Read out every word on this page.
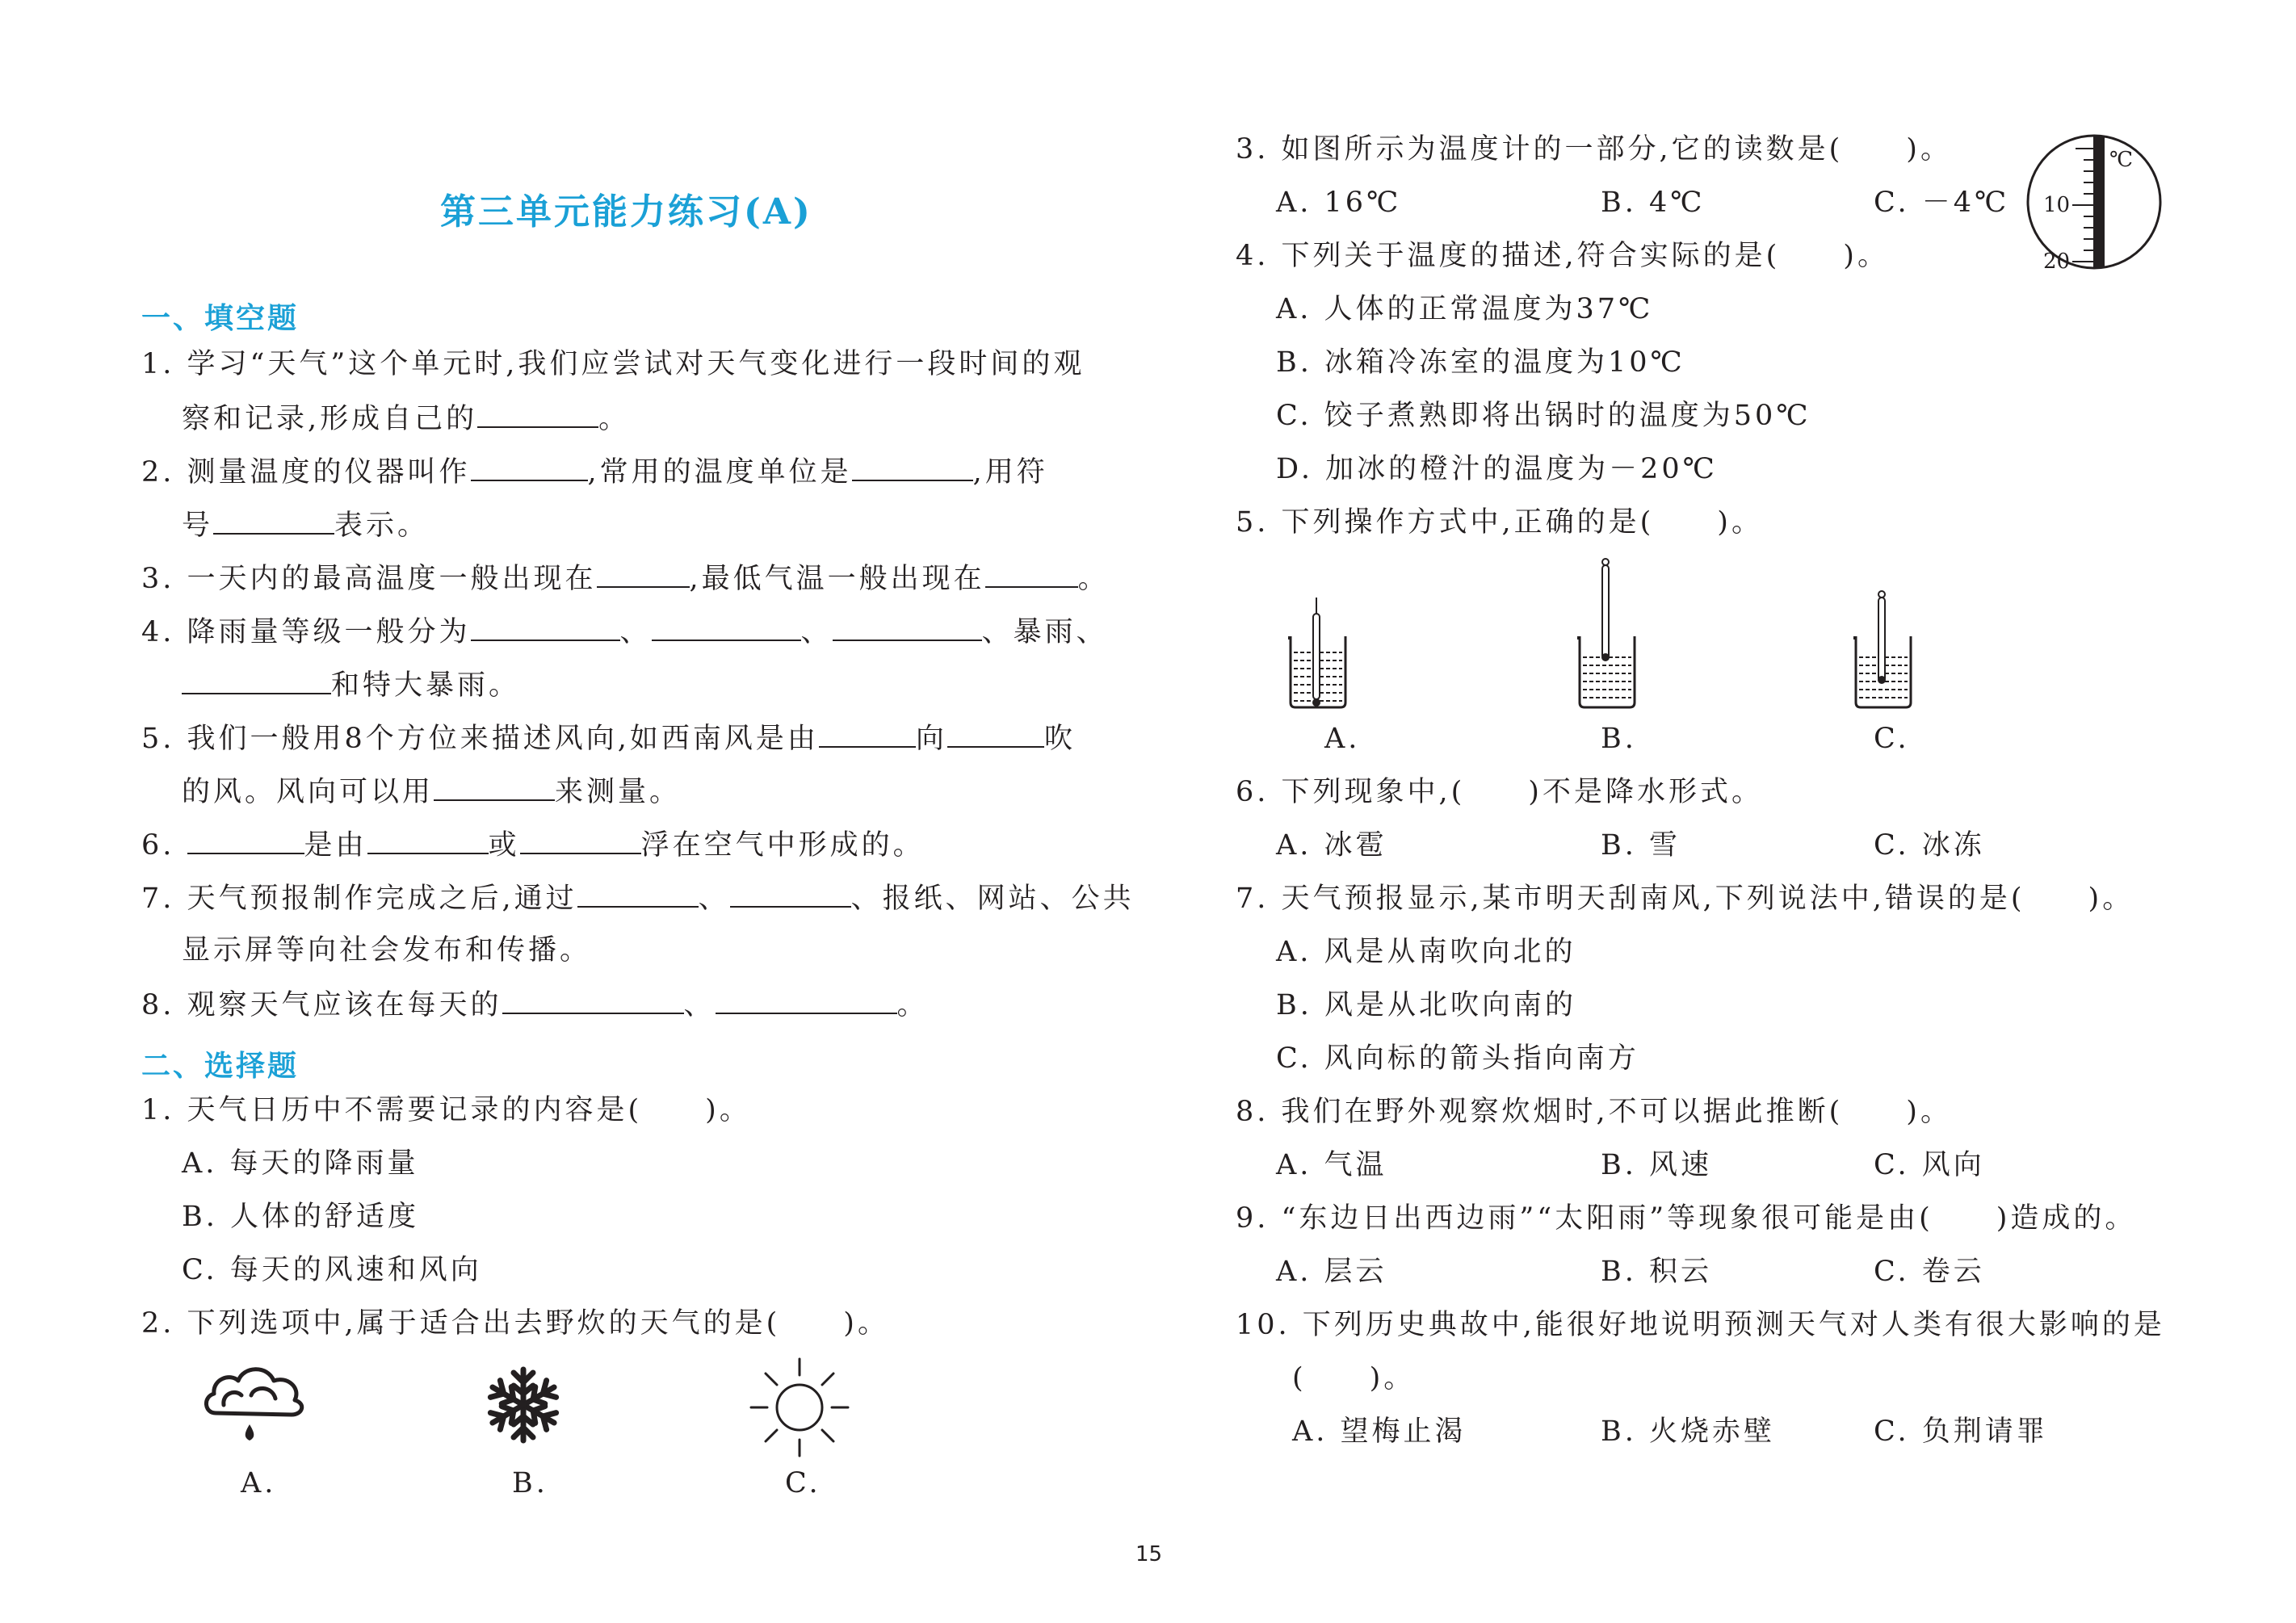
第三单元能力练习(A)
一、填空题
1. 学习“天气”这个单元时,我们应尝试对天气变化进行一段时间的观
察和记录,形成自己的	。
2. 测量温度的仪器叫作	,常用的温度单位是	,用符
号	表示。
3. 一天内的最高温度一般出现在	,最低气温一般出现在	。
4. 降雨量等级一般分为	、	、	、暴雨、
和特大暴雨。
5. 我们一般用8个方位来描述风向,如西南风是由	向	吹
的风。风向可以用	来测量。
6.	是由	或	浮在空气中形成的。
7. 天气预报制作完成之后,通过	、	、报纸、网站、公共
显示屏等向社会发布和传播。
8. 观察天气应该在每天的	、	。
二、选择题
1. 天气日历中不需要记录的内容是(　　)。
A. 每天的降雨量
B. 人体的舒适度
C. 每天的风速和风向
2. 下列选项中,属于适合出去野炊的天气的是(　　)。
A.	B.	C.
3. 如图所示为温度计的一部分,它的读数是(　　)。
A. 16℃	B. 4℃	C. －4℃
℃
10
20
4. 下列关于温度的描述,符合实际的是(　　)。
A. 人体的正常温度为37℃
B. 冰箱冷冻室的温度为10℃
C. 饺子煮熟即将出锅时的温度为50℃
D. 加冰的橙汁的温度为－20℃
5. 下列操作方式中,正确的是(　　)。
A.	B.	C.
6. 下列现象中,(　　)不是降水形式。
A. 冰雹	B. 雪	C. 冰冻
7. 天气预报显示,某市明天刮南风,下列说法中,错误的是(　　)。
A. 风是从南吹向北的
B. 风是从北吹向南的
C. 风向标的箭头指向南方
8. 我们在野外观察炊烟时,不可以据此推断(　　)。
A. 气温	B. 风速	C. 风向
9. “东边日出西边雨”“太阳雨”等现象很可能是由(　　)造成的。
A. 层云	B. 积云	C. 卷云
10. 下列历史典故中,能很好地说明预测天气对人类有很大影响的是
(　　)。
A. 望梅止渴	B. 火烧赤壁	C. 负荆请罪
15
